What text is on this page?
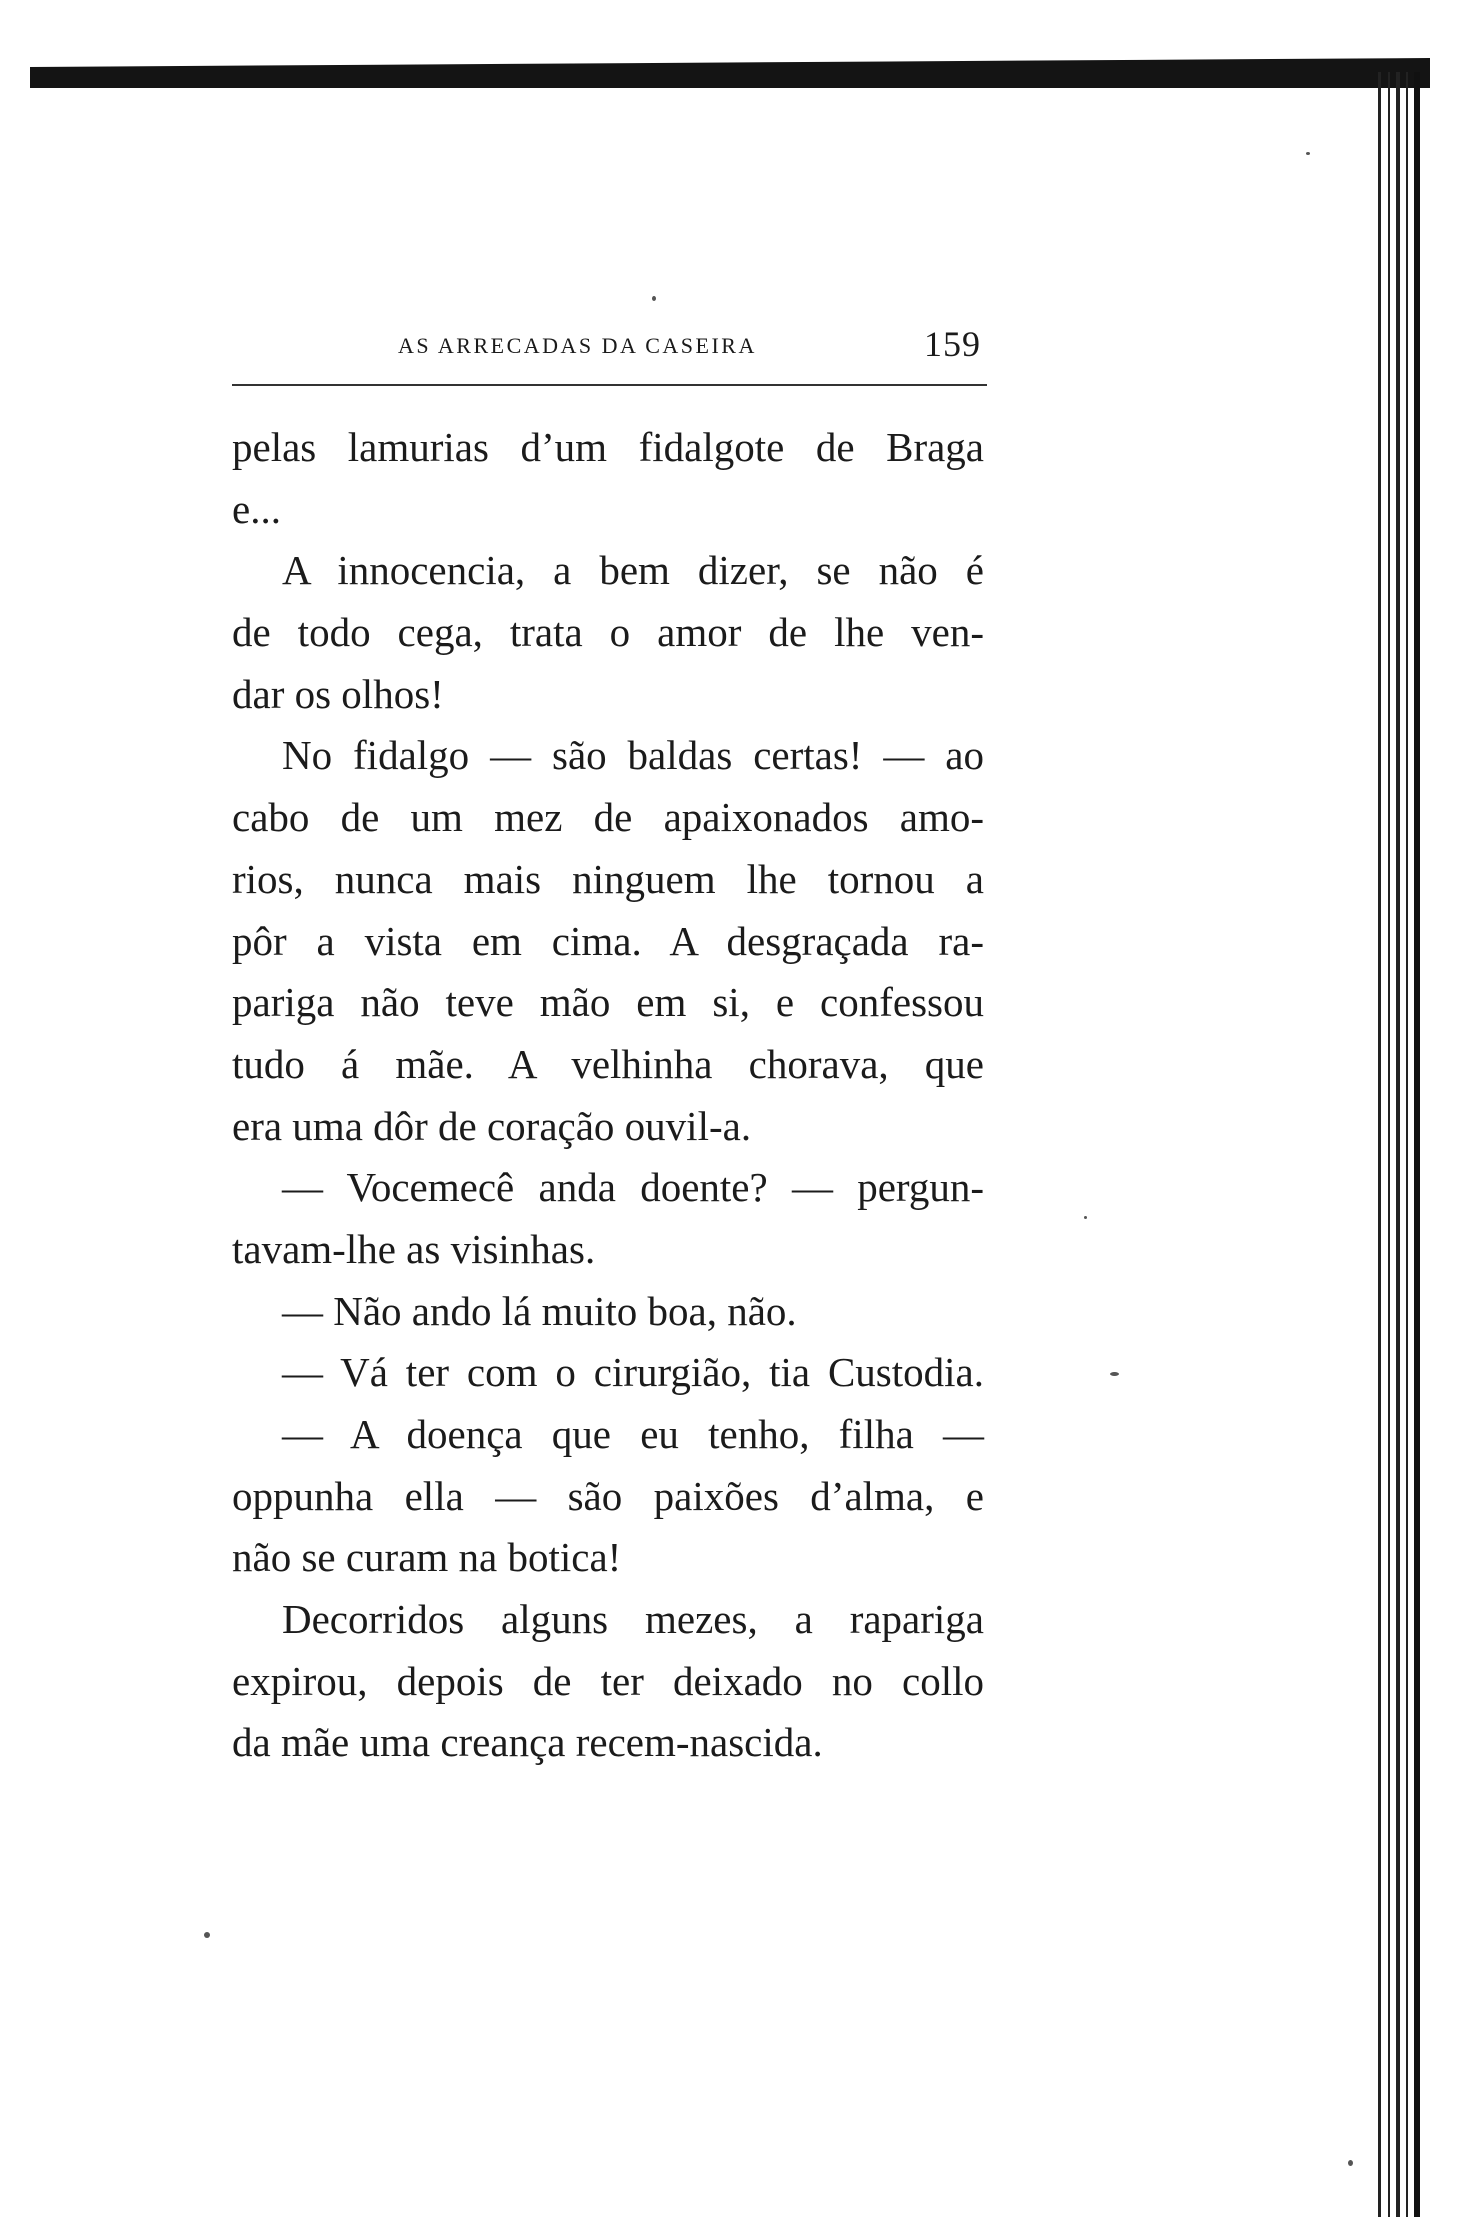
AS ARRECADAS DA CASEIRA	159
pelas lamurias d’um fidalgote de Braga
e...
A innocencia, a bem dizer, se não é
de todo cega, trata o amor de lhe ven-
dar os olhos!
No fidalgo — são baldas certas! — ao
cabo de um mez de apaixonados amo-
rios, nunca mais ninguem lhe tornou a
pôr a vista em cima. A desgraçada ra-
pariga não teve mão em si, e confessou
tudo á mãe. A velhinha chorava, que
era uma dôr de coração ouvil-a.
— Vocemecê anda doente? — pergun-
tavam-lhe as visinhas.
— Não ando lá muito boa, não.
— Vá ter com o cirurgião, tia Custodia.
— A doença que eu tenho, filha —
oppunha ella — são paixões d’alma, e
não se curam na botica!
Decorridos alguns mezes, a rapariga
expirou, depois de ter deixado no collo
da mãe uma creança recem-nascida.
